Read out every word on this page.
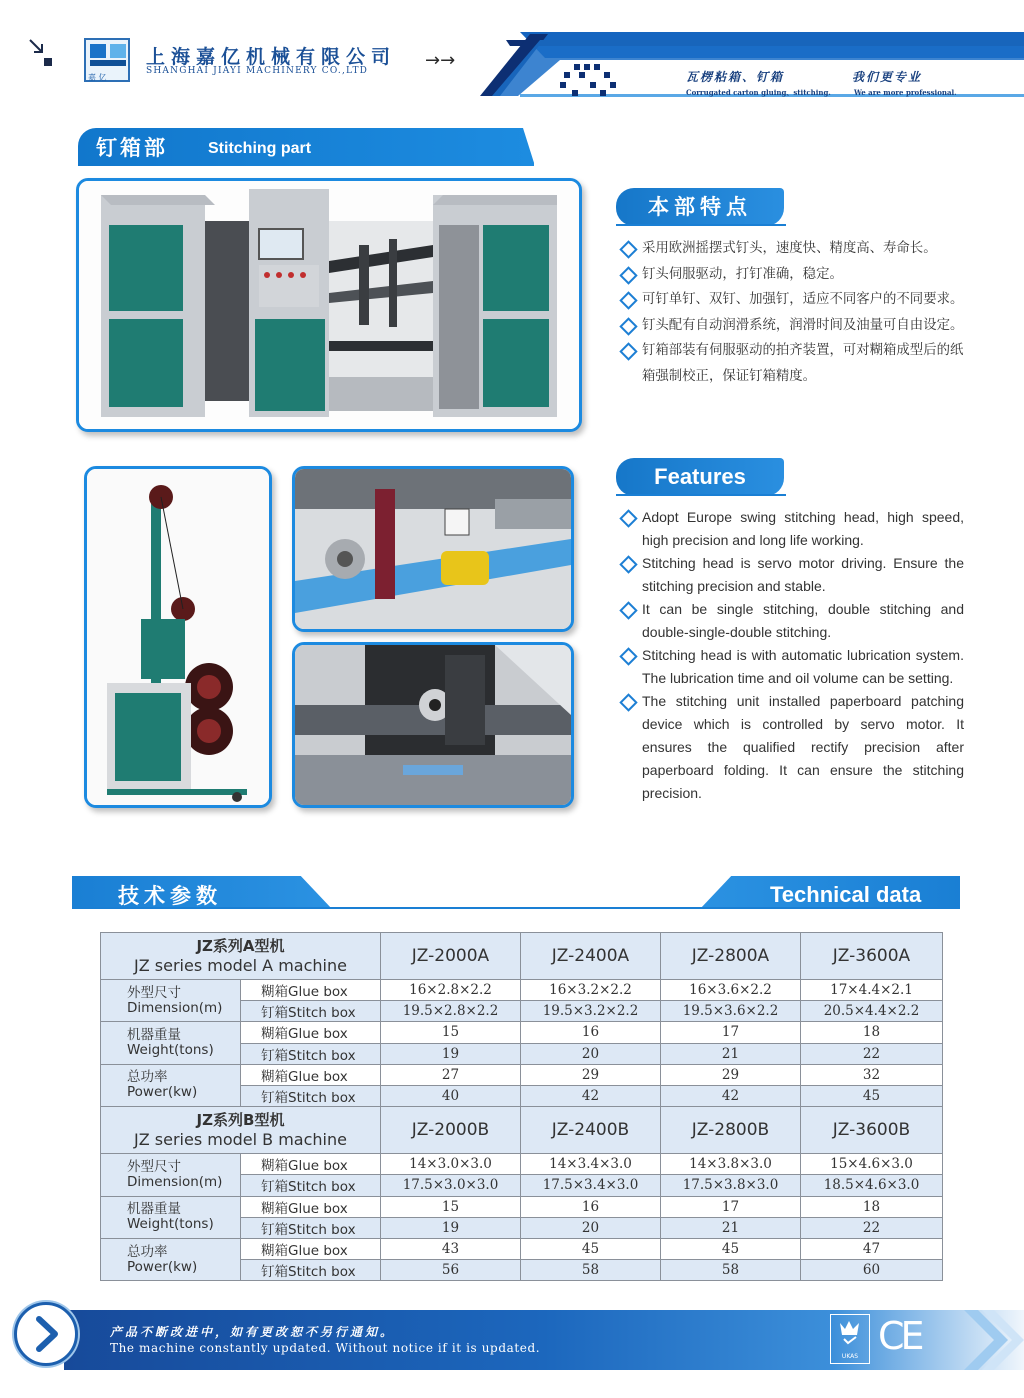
嘉 亿
上海嘉亿机械有限公司
SHANGHAI JIAYI MACHINERY CO.,LTD	→→
瓦楞粘箱、钉箱	我们更专业
Corrugated carton gluing、stitching.	We are more professional.
钉箱部	Stitching part
本部特点
采用欧洲摇摆式钉头，速度快、精度高、寿命长。
钉头伺服驱动，打钉准确，稳定。
可钉单钉、双钉、加强钉，适应不同客户的不同要求。
钉头配有自动润滑系统，润滑时间及油量可自由设定。
钉箱部装有伺服驱动的拍齐装置，可对糊箱成型后的纸箱强制校正，保证钉箱精度。
Features
Adopt Europe swing stitching head, high speed, high precision and long life working.
Stitching head is servo motor driving. Ensure the stitching precision and stable.
It can be single stitching, double stitching and double-single-double stitching.
Stitching head is with automatic lubrication system. The lubrication time and oil volume can be setting.
The stitching unit installed paperboard patching device which is controlled by servo motor. It ensures the qualified rectify precision after paperboard folding. It can ensure the stitching precision.
技术参数	Technical data
JZ系列A型机
JZ series model A machine		JZ-2000A	JZ-2400A	JZ-2800A	JZ-3600A
外型尺寸
Dimension(m)	糊箱Glue box	16×2.8×2.2	16×3.2×2.2	16×3.6×2.2	17×4.4×2.1
	钉箱Stitch box	19.5×2.8×2.2	19.5×3.2×2.2	19.5×3.6×2.2	20.5×4.4×2.2
机器重量
Weight(tons)	糊箱Glue box	15	16	17	18
	钉箱Stitch box	19	20	21	22
总功率
Power(kw)	糊箱Glue box	27	29	29	32
	钉箱Stitch box	40	42	42	45

JZ系列B型机
JZ series model B machine		JZ-2000B	JZ-2400B	JZ-2800B	JZ-3600B
外型尺寸
Dimension(m)	糊箱Glue box	14×3.0×3.0	14×3.4×3.0	14×3.8×3.0	15×4.6×3.0
	钉箱Stitch box	17.5×3.0×3.0	17.5×3.4×3.0	17.5×3.8×3.0	18.5×4.6×3.0
机器重量
Weight(tons)	糊箱Glue box	15	16	17	18
	钉箱Stitch box	19	20	21	22
总功率
Power(kw)	糊箱Glue box	43	45	45	47
	钉箱Stitch box	56	58	58	60
产品不断改进中，如有更改恕不另行通知。
The machine constantly updated. Without notice if it is updated.
UKAS CE
